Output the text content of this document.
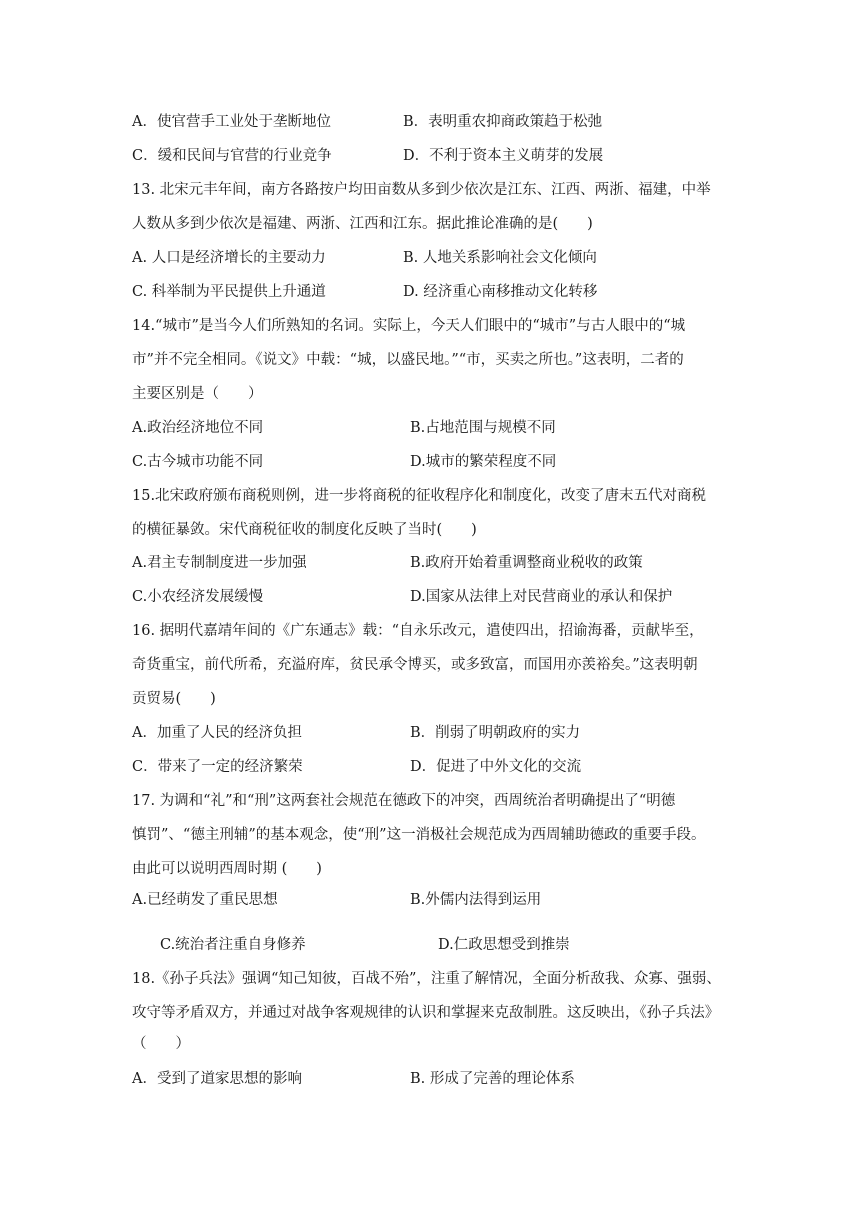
A．使官营手工业处于垄断地位	B．表明重农抑商政策趋于松弛
C．缓和民间与官营的行业竞争	D．不利于资本主义萌芽的发展
13. 北宋元丰年间，南方各路按户均田亩数从多到少依次是江东、江西、两浙、福建，中举
人数从多到少依次是福建、两浙、江西和江东。据此推论准确的是(　　)
A. 人口是经济增长的主要动力	B. 人地关系影响社会文化倾向
C. 科举制为平民提供上升通道	D. 经济重心南移推动文化转移
14.“城市”是当今人们所熟知的名词。实际上，今天人们眼中的“城市”与古人眼中的“城
市”并不完全相同。《说文》中载：“城，以盛民地。”“市，买卖之所也。”这表明，二者的
主要区别是（　　）
A.政治经济地位不同	B.占地范围与规模不同
C.古今城市功能不同	D.城市的繁荣程度不同
15.北宋政府颁布商税则例，进一步将商税的征收程序化和制度化，改变了唐末五代对商税
的横征暴敛。宋代商税征收的制度化反映了当时(　　)
A.君主专制制度进一步加强	B.政府开始着重调整商业税收的政策
C.小农经济发展缓慢	D.国家从法律上对民营商业的承认和保护
16. 据明代嘉靖年间的《广东通志》载：“自永乐改元，遣使四出，招谕海番，贡献毕至，
奇货重宝，前代所希，充溢府库，贫民承令博买，或多致富，而国用亦羡裕矣。”这表明朝
贡贸易(　　)
A．加重了人民的经济负担	B．削弱了明朝政府的实力
C．带来了一定的经济繁荣	D．促进了中外文化的交流
17. 为调和“礼”和“刑”这两套社会规范在德政下的冲突，西周统治者明确提出了“明德
慎罚”、“德主刑辅”的基本观念，使“刑”这一消极社会规范成为西周辅助德政的重要手段。
由此可以说明西周时期 (　　)
A.已经萌发了重民思想	B.外儒内法得到运用
C.统治者注重自身修养	D.仁政思想受到推崇
18.《孙子兵法》强调“知己知彼，百战不殆”，注重了解情况，全面分析敌我、众寡、强弱、
攻守等矛盾双方，并通过对战争客观规律的认识和掌握来克敌制胜。这反映出，《孙子兵法》
（　　）
A．受到了道家思想的影响	B. 形成了完善的理论体系
